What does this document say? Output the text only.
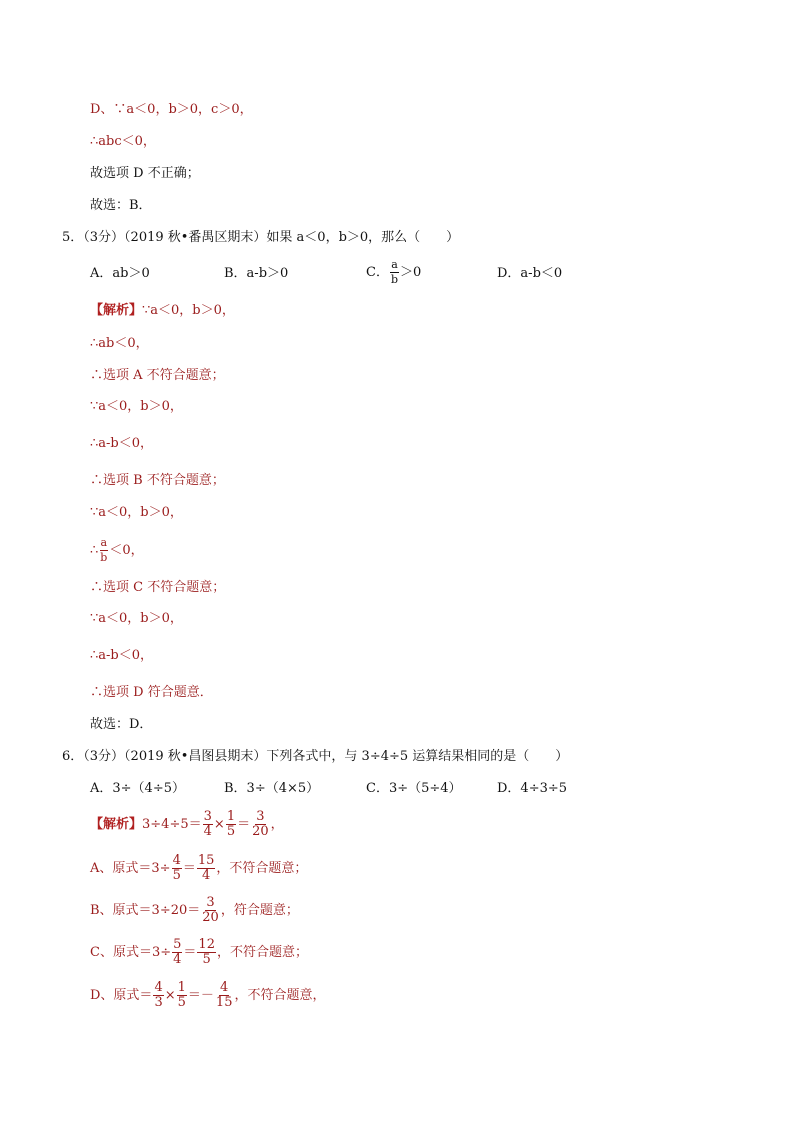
D、∵a＜0，b＞0，c＞0，
∴abc＜0，
故选项 D 不正确；
故选：B．
5．（3分）（2019 秋•番禺区期末）如果 a＜0，b＞0，那么（　　）
A．ab＞0	B．a-b＞0	C． $\frac{a}{b} >0$	D．a-b＜0
【解析】∵a＜0，b＞0，
∴ab＜0，
∴选项 A 不符合题意；
∵a＜0，b＞0，
∴a-b＜0，
∴选项 B 不符合题意；
∵a＜0，b＞0，
∴ $\frac{a}{b} <0$，
∴选项 C 不符合题意；
∵a＜0，b＞0，
∴a-b＜0，
∴选项 D 符合题意．
故选：D．
6．（3分）（2019 秋•昌图县期末）下列各式中，与 3÷4÷5 运算结果相同的是（　　）
A．3÷（4÷5）	B．3÷（4×5）	C．3÷（5÷4）	D．4÷3÷5
【解析】$3\div 4\div 5= \frac{3}{4} \times \frac{1}{5} = \frac{3}{20}$ ，
A、原式$=3\div \frac{4}{5} = \frac{15}{4}$ ，不符合题意；
B、原式$=3\div 20= \frac{3}{20}$ ，符合题意；
C、原式$=3\div \frac{5}{4} = \frac{12}{5}$ ，不符合题意；
D、原式＝ $\frac{4}{3} \times \frac{1}{5} =- \frac{4}{15}$ ，不符合题意，
